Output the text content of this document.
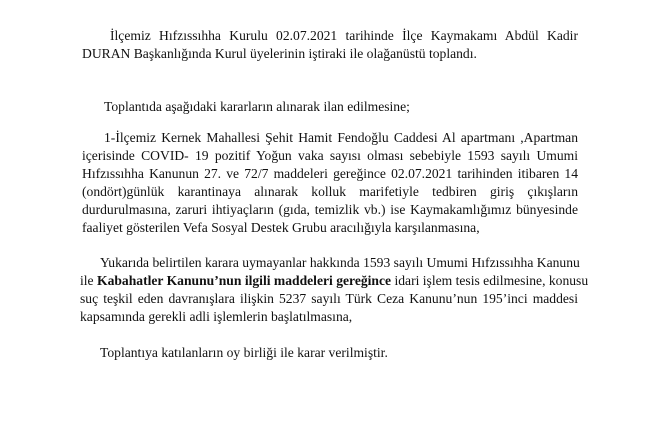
İlçemiz Hıfzıssıhha Kurulu 02.07.2021 tarihinde İlçe Kaymakamı Abdül Kadir
DURAN Başkanlığında Kurul üyelerinin iştiraki ile olağanüstü toplandı.
Toplantıda aşağıdaki kararların alınarak ilan edilmesine;
1-İlçemiz Kernek Mahallesi Şehit Hamit Fendoğlu Caddesi Al apartmanı ,Apartman
içerisinde COVID- 19 pozitif Yoğun vaka sayısı olması sebebiyle 1593 sayılı Umumi
Hıfzıssıhha Kanunun 27. ve 72/7 maddeleri gereğince 02.07.2021 tarihinden itibaren 14
(ondört)günlük karantinaya alınarak kolluk marifetiyle tedbiren giriş çıkışların
durdurulmasına, zaruri ihtiyaçların (gıda, temizlik vb.) ise Kaymakamlığımız bünyesinde
faaliyet gösterilen Vefa Sosyal Destek Grubu aracılığıyla karşılanmasına,
Yukarıda belirtilen karara uymayanlar hakkında 1593 sayılı Umumi Hıfzıssıhha Kanunu
ile Kabahatler Kanunu’nun ilgili maddeleri gereğince idari işlem tesis edilmesine, konusu
suç teşkil eden davranışlara ilişkin 5237 sayılı Türk Ceza Kanunu’nun 195’inci maddesi
kapsamında gerekli adli işlemlerin başlatılmasına,
Toplantıya katılanların oy birliği ile karar verilmiştir.
